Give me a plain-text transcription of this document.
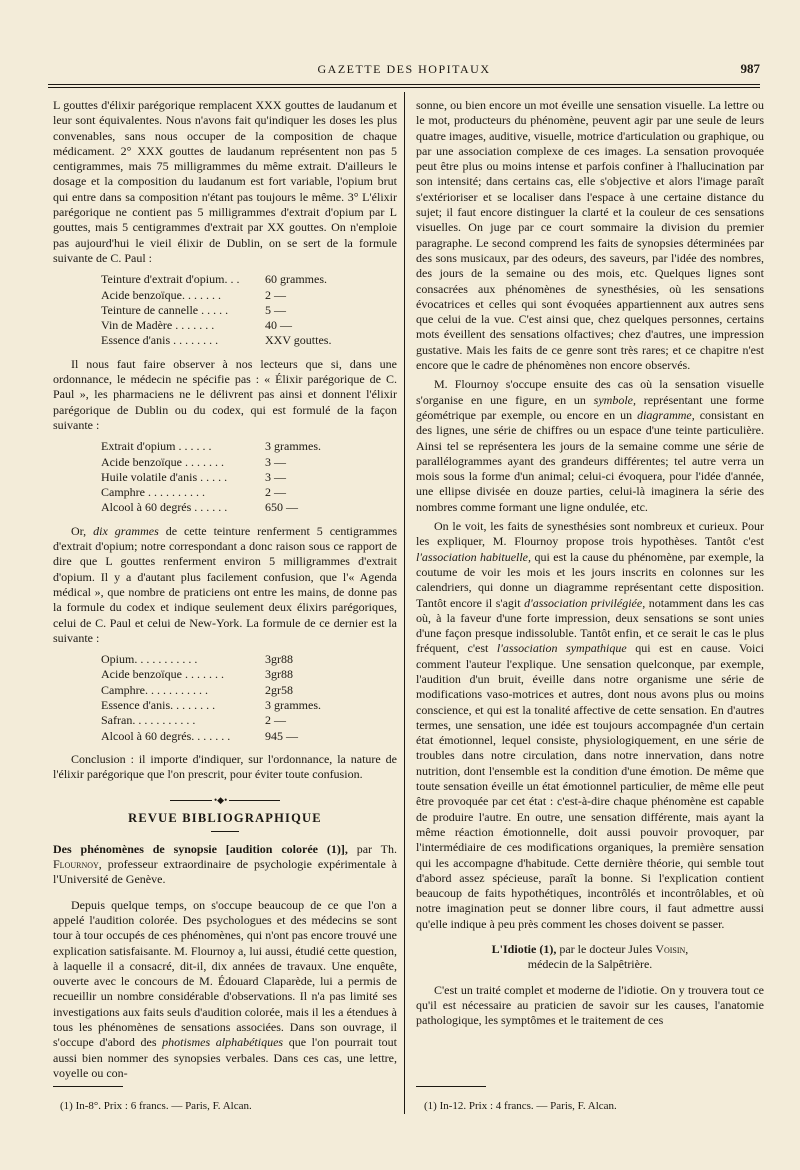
GAZETTE DES HOPITAUX	987

L gouttes d'élixir parégorique remplacent XXX gouttes de laudanum et leur sont équivalentes. Nous n'avons fait qu'indiquer les doses les plus convenables, sans nous occuper de la composition de chaque médicament. 2° XXX gouttes de laudanum représentent non pas 5 centigrammes, mais 75 milligrammes du même extrait. D'ailleurs le dosage et la composition du laudanum est fort variable, l'opium brut qui entre dans sa composition n'étant pas toujours le même. 3° L'élixir parégorique ne contient pas 5 milligrammes d'extrait d'opium par L gouttes, mais 5 centigrammes d'extrait par XX gouttes. On n'emploie pas aujourd'hui le vieil élixir de Dublin, on se sert de la formule suivante de C. Paul :

Teinture d'extrait d'opium. . .	60 grammes.
Acide benzoïque. . . . . . .	2 —
Teinture de cannelle . . . . .	5 —
Vin de Madère . . . . . . .	40 —
Essence d'anis . . . . . . . .	XXV gouttes.

Il nous faut faire observer à nos lecteurs que si, dans une ordonnance, le médecin ne spécifie pas : « Élixir parégorique de C. Paul », les pharmaciens ne le délivrent pas ainsi et donnent l'élixir parégorique de Dublin ou du codex, qui est formulé de la façon suivante :

Extrait d'opium . . . . . .	3 grammes.
Acide benzoïque . . . . . . .	3 —
Huile volatile d'anis . . . . .	3 —
Camphre . . . . . . . . . .	2 —
Alcool à 60 degrés . . . . . .	650 —

Or, dix grammes de cette teinture renferment 5 centigrammes d'extrait d'opium; notre correspondant a donc raison sous ce rapport de dire que L gouttes renferment environ 5 milligrammes d'extrait d'opium. Il y a d'autant plus facilement confusion, que l'« Agenda médical », que nombre de praticiens ont entre les mains, de donne pas la formule du codex et indique seulement deux élixirs parégoriques, celui de C. Paul et celui de New-York. La formule de ce dernier est la suivante :

Opium. . . . . . . . . . .	3gr88
Acide benzoïque . . . . . . .	3gr88
Camphre. . . . . . . . . . .	2gr58
Essence d'anis. . . . . . . .	3 grammes.
Safran. . . . . . . . . . .	2 —
Alcool à 60 degrés. . . . . . .	945 —

Conclusion : il importe d'indiquer, sur l'ordonnance, la nature de l'élixir parégorique que l'on prescrit, pour éviter toute confusion.

•◆•
REVUE BIBLIOGRAPHIQUE

Des phénomènes de synopsie [audition colorée (1)], par Th. Flournoy, professeur extraordinaire de psychologie expérimentale à l'Université de Genève.

Depuis quelque temps, on s'occupe beaucoup de ce que l'on a appelé l'audition colorée. Des psychologues et des médecins se sont tour à tour occupés de ces phénomènes, qui n'ont pas encore trouvé une explication satisfaisante. M. Flournoy a, lui aussi, étudié cette question, à laquelle il a consacré, dit-il, dix années de travaux. Une enquête, ouverte avec le concours de M. Édouard Claparède, lui a permis de recueillir un nombre considérable d'observations. Il n'a pas limité ses investigations aux faits seuls d'audition colorée, mais il les a étendues à tous les phénomènes de sensations associées. Dans son ouvrage, il s'occupe d'abord des photismes alphabétiques que l'on pourrait tout aussi bien nommer des synopsies verbales. Dans ces cas, une lettre, voyelle ou con-

sonne, ou bien encore un mot éveille une sensation visuelle. La lettre ou le mot, producteurs du phénomène, peuvent agir par une seule de leurs quatre images, auditive, visuelle, motrice d'articulation ou graphique, ou par une association complexe de ces images. La sensation provoquée peut être plus ou moins intense et parfois confiner à l'hallucination par son intensité; dans certains cas, elle s'objective et alors l'image paraît s'extérioriser et se localiser dans l'espace à une certaine distance du sujet; il faut encore distinguer la clarté et la couleur de ces sensations visuelles. On juge par ce court sommaire la division du premier paragraphe. Le second comprend les faits de synopsies déterminées par des sons musicaux, par des odeurs, des saveurs, par l'idée des nombres, des jours de la semaine ou des mois, etc. Quelques lignes sont consacrées aux phénomènes de synesthésies, où les sensations évocatrices et celles qui sont évoquées appartiennent aux autres sens que celui de la vue. C'est ainsi que, chez quelques personnes, certains mots éveillent des sensations olfactives; chez d'autres, une impression gustative. Mais les faits de ce genre sont très rares; et ce chapitre n'est encore que le cadre de phénomènes non encore observés.

M. Flournoy s'occupe ensuite des cas où la sensation visuelle s'organise en une figure, en un symbole, représentant une forme géométrique par exemple, ou encore en un diagramme, consistant en des lignes, une série de chiffres ou un espace d'une teinte particulière. Ainsi tel se représentera les jours de la semaine comme une série de parallélogrammes ayant des grandeurs différentes; tel autre verra un mois sous la forme d'un animal; celui-ci évoquera, pour l'idée d'année, une ellipse divisée en douze parties, celui-là imaginera la série des nombres comme formant une ligne ondulée, etc.

On le voit, les faits de synesthésies sont nombreux et curieux. Pour les expliquer, M. Flournoy propose trois hypothèses. Tantôt c'est l'association habituelle, qui est la cause du phénomène, par exemple, la coutume de voir les mois et les jours inscrits en colonnes sur les calendriers, qui donne un diagramme représentant cette disposition. Tantôt encore il s'agit d'association privilégiée, notamment dans les cas où, à la faveur d'une forte impression, deux sensations se sont unies d'une façon presque indissoluble. Tantôt enfin, et ce serait le cas le plus fréquent, c'est l'association sympathique qui est en cause. Voici comment l'auteur l'explique. Une sensation quelconque, par exemple, l'audition d'un bruit, éveille dans notre organisme une série de modifications vaso-motrices et autres, dont nous avons plus ou moins conscience, et qui est la tonalité affective de cette sensation. En d'autres termes, une sensation, une idée est toujours accompagnée d'un certain état émotionnel, lequel consiste, physiologiquement, en une série de troubles dans notre circulation, dans notre innervation, dans notre nutrition, dont l'ensemble est la condition d'une émotion. De même que toute sensation éveille un état émotionnel particulier, de même elle peut être provoquée par cet état : c'est-à-dire chaque phénomène est capable de produire l'autre. En outre, une sensation différente, mais ayant la même réaction émotionnelle, doit aussi pouvoir provoquer, par l'intermédiaire de ces modifications organiques, la première sensation qui les accompagne d'habitude. Cette dernière théorie, qui semble tout d'abord assez spécieuse, paraît la bonne. Si l'explication contient beaucoup de faits hypothétiques, incontrôlés et incontrôlables, et où notre imagination peut se donner libre cours, il faut admettre aussi qu'elle indique à peu près comment les choses doivent se passer.

L'Idiotie (1), par le docteur Jules Voisin,
médecin de la Salpêtrière.

C'est un traité complet et moderne de l'idiotie. On y trouvera tout ce qu'il est nécessaire au praticien de savoir sur les causes, l'anatomie pathologique, les symptômes et le traitement de ces

(1) In-8°. Prix : 6 francs. — Paris, F. Alcan.	(1) In-12. Prix : 4 francs. — Paris, F. Alcan.
